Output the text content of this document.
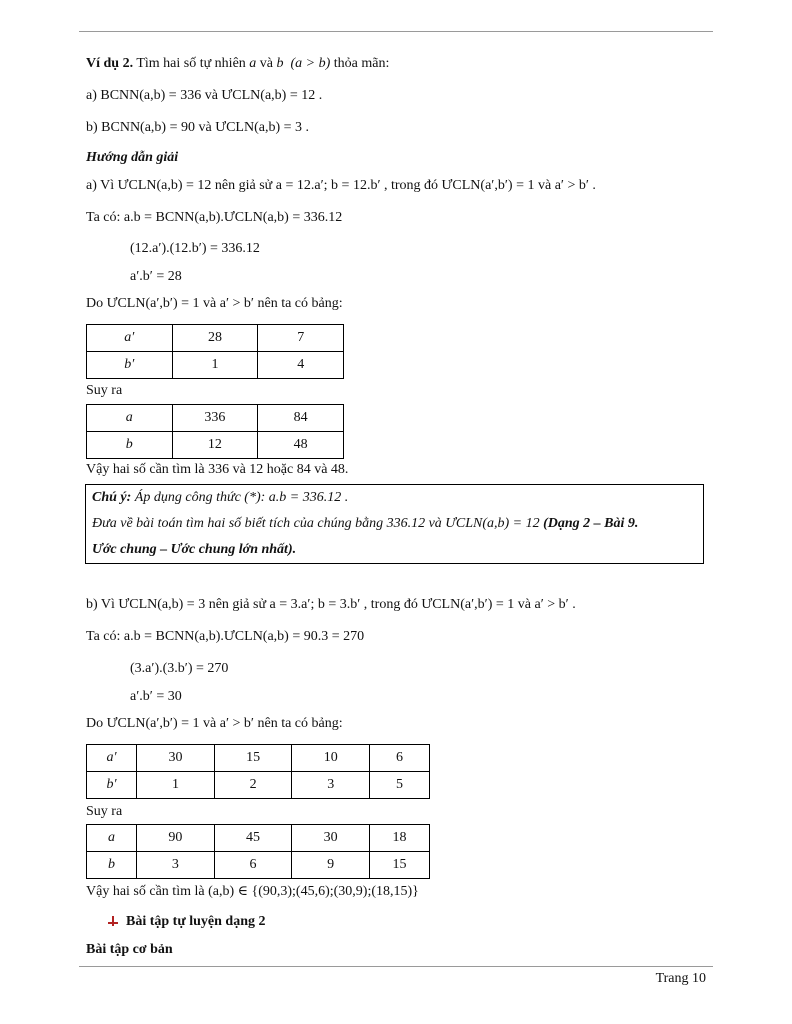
Ví dụ 2. Tìm hai số tự nhiên a và b (a > b) thỏa mãn:
a) BCNN(a,b) = 336 và ƯCLN(a,b) = 12 .
b) BCNN(a,b) = 90 và ƯCLN(a,b) = 3 .
Hướng dẫn giải
a) Vì ƯCLN(a,b) = 12 nên giả sử a = 12.a′; b = 12.b′ , trong đó ƯCLN(a′,b′) = 1 và a′ > b′ .
Ta có: a.b = BCNN(a,b).ƯCLN(a,b) = 336.12
(12.a′).(12.b′) = 336.12
a′.b′ = 28
Do ƯCLN(a′,b′) = 1 và a′ > b′ nên ta có bảng:
a′	28	7
b′	1	4
Suy ra
a	336	84
b	12	48
Vậy hai số cần tìm là 336 và 12 hoặc 84 và 48.
Chú ý: Áp dụng công thức (*): a.b = 336.12 .
Đưa về bài toán tìm hai số biết tích của chúng bằng 336.12 và ƯCLN(a,b) = 12 (Dạng 2 – Bài 9.
Ước chung – Ước chung lớn nhất).
b) Vì ƯCLN(a,b) = 3 nên giả sử a = 3.a′; b = 3.b′ , trong đó ƯCLN(a′,b′) = 1 và a′ > b′ .
Ta có: a.b = BCNN(a,b).ƯCLN(a,b) = 90.3 = 270
(3.a′).(3.b′) = 270
a′.b′ = 30
Do ƯCLN(a′,b′) = 1 và a′ > b′ nên ta có bảng:
a′	30	15	10	6
b′	1	2	3	5
Suy ra
a	90	45	30	18
b	3	6	9	15
Vậy hai số cần tìm là (a,b) ∈ {(90,3);(45,6);(30,9);(18,15)}
Bài tập tự luyện dạng 2
Bài tập cơ bản
Trang 10
